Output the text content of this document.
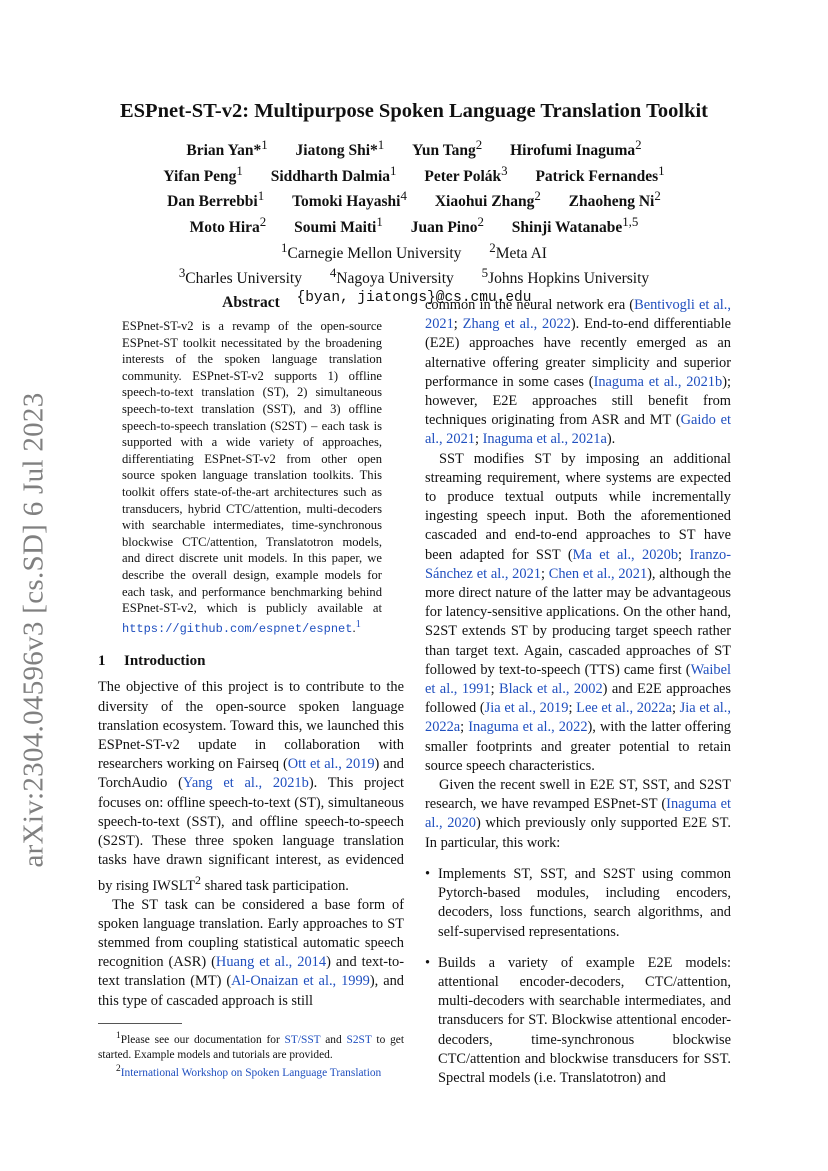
arXiv:2304.04596v3 [cs.SD] 6 Jul 2023
ESPnet-ST-v2: Multipurpose Spoken Language Translation Toolkit
Brian Yan*$^1$ Jiatong Shi*$^1$ Yun Tang$^2$ Hirofumi Inaguma$^2$
Yifan Peng$^1$ Siddharth Dalmia$^1$ Peter Polák$^3$ Patrick Fernandes$^1$
Dan Berrebbi$^1$ Tomoki Hayashi$^4$ Xiaohui Zhang$^2$ Zhaoheng Ni$^2$
Moto Hira$^2$ Soumi Maiti$^1$ Juan Pino$^2$ Shinji Watanabe$^{1,5}$
$^1$Carnegie Mellon University $^2$Meta AI
$^3$Charles University $^4$Nagoya University $^5$Johns Hopkins University
{byan, jiatongs}@cs.cmu.edu
Abstract

ESPnet-ST-v2 is a revamp of the open-source ESPnet-ST toolkit necessitated by the broadening interests of the spoken language translation community. ESPnet-ST-v2 supports 1) offline speech-to-text translation (ST), 2) simultaneous speech-to-text translation (SST), and 3) offline speech-to-speech translation (S2ST) – each task is supported with a wide variety of approaches, differentiating ESPnet-ST-v2 from other open source spoken language translation toolkits. This toolkit offers state-of-the-art architectures such as transducers, hybrid CTC/attention, multi-decoders with searchable intermediates, time-synchronous blockwise CTC/attention, Translatotron models, and direct discrete unit models. In this paper, we describe the overall design, example models for each task, and performance benchmarking behind ESPnet-ST-v2, which is publicly available at https://github.com/espnet/espnet.$^1$

1 Introduction

The objective of this project is to contribute to the diversity of the open-source spoken language translation ecosystem. Toward this, we launched this ESPnet-ST-v2 update in collaboration with researchers working on Fairseq (Ott et al., 2019) and TorchAudio (Yang et al., 2021b). This project focuses on: offline speech-to-text (ST), simultaneous speech-to-text (SST), and offline speech-to-speech (S2ST). These three spoken language translation tasks have drawn significant interest, as evidenced by rising IWSLT$^2$ shared task participation.

The ST task can be considered a base form of spoken language translation. Early approaches to ST stemmed from coupling statistical automatic speech recognition (ASR) (Huang et al., 2014) and text-to-text translation (MT) (Al-Onaizan et al., 1999), and this type of cascaded approach is still

$^1$Please see our documentation for ST/SST and S2ST to get started. Example models and tutorials are provided.

$^2$International Workshop on Spoken Language Translation

common in the neural network era (Bentivogli et al., 2021; Zhang et al., 2022). End-to-end differentiable (E2E) approaches have recently emerged as an alternative offering greater simplicity and superior performance in some cases (Inaguma et al., 2021b); however, E2E approaches still benefit from techniques originating from ASR and MT (Gaido et al., 2021; Inaguma et al., 2021a).

SST modifies ST by imposing an additional streaming requirement, where systems are expected to produce textual outputs while incrementally ingesting speech input. Both the aforementioned cascaded and end-to-end approaches to ST have been adapted for SST (Ma et al., 2020b; Iranzo-Sánchez et al., 2021; Chen et al., 2021), although the more direct nature of the latter may be advantageous for latency-sensitive applications. On the other hand, S2ST extends ST by producing target speech rather than target text. Again, cascaded approaches of ST followed by text-to-speech (TTS) came first (Waibel et al., 1991; Black et al., 2002) and E2E approaches followed (Jia et al., 2019; Lee et al., 2022a; Jia et al., 2022a; Inaguma et al., 2022), with the latter offering smaller footprints and greater potential to retain source speech characteristics.

Given the recent swell in E2E ST, SST, and S2ST research, we have revamped ESPnet-ST (Inaguma et al., 2020) which previously only supported E2E ST. In particular, this work:

• Implements ST, SST, and S2ST using common Pytorch-based modules, including encoders, decoders, loss functions, search algorithms, and self-supervised representations.
• Builds a variety of example E2E models: attentional encoder-decoders, CTC/attention, multi-decoders with searchable intermediates, and transducers for ST. Blockwise attentional encoder-decoders, time-synchronous blockwise CTC/attention and blockwise transducers for SST. Spectral models (i.e. Translatotron) and
